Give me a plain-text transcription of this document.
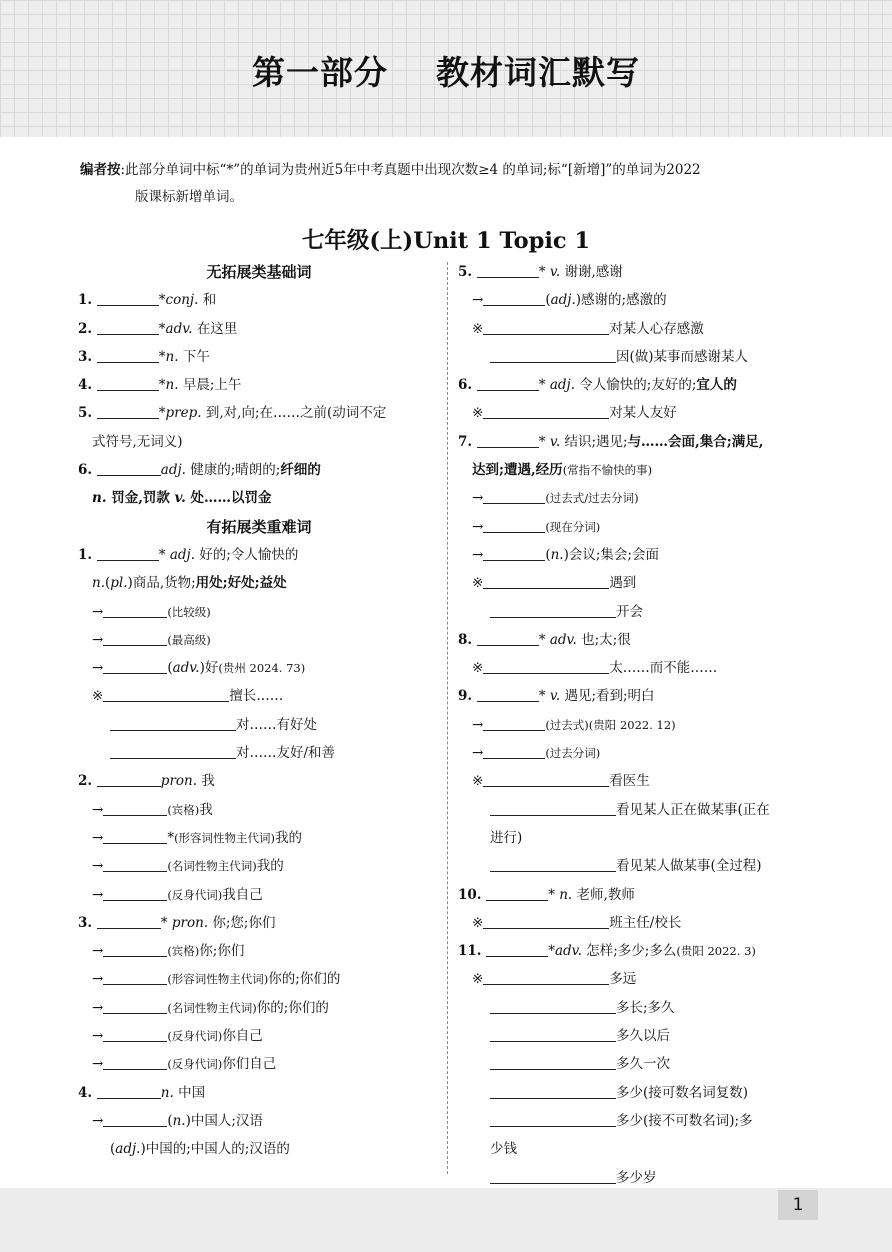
第一部分 教材词汇默写
编者按:此部分单词中标“*”的单词为贵州近5年中考真题中出现次数≥4 的单词;标“[新增]”的单词为2022
版课标新增单词。
七年级(上)Unit 1 Topic 1
无拓展类基础词
1.	*conj. 和
2.	*adv. 在这里
3.	*n. 下午
4.	*n. 早晨;上午
5.	*prep. 到,对,向;在……之前(动词不定
式符号,无词义)
6.	adj. 健康的;晴朗的;纤细的
n. 罚金,罚款 v. 处……以罚金
有拓展类重难词
1.	* adj. 好的;令人愉快的
n.(pl.)商品,货物;用处;好处;益处
→	(比较级)
→	(最高级)
→	(adv.)好(贵州 2024. 73)
※	擅长……
对……有好处
对……友好/和善
2.	pron. 我
→	(宾格)我
→	*(形容词性物主代词)我的
→	(名词性物主代词)我的
→	(反身代词)我自己
3.	* pron. 你;您;你们
→	(宾格)你;你们
→	(形容词性物主代词)你的;你们的
→	(名词性物主代词)你的;你们的
→	(反身代词)你自己
→	(反身代词)你们自己
4.	n. 中国
→	(n.)中国人;汉语
(adj.)中国的;中国人的;汉语的
5.	* v. 谢谢,感谢
→	(adj.)感谢的;感激的
※	对某人心存感激
因(做)某事而感谢某人
6.	* adj. 令人愉快的;友好的;宜人的
※	对某人友好
7.	* v. 结识;遇见;与……会面,集合;满足,
达到;遭遇,经历(常指不愉快的事)
→	(过去式/过去分词)
→	(现在分词)
→	(n.)会议;集会;会面
※	遇到
开会
8.	* adv. 也;太;很
※	太……而不能……
9.	* v. 遇见;看到;明白
→	(过去式)(贵阳 2022. 12)
→	(过去分词)
※	看医生
看见某人正在做某事(正在
进行)
看见某人做某事(全过程)
10.	* n. 老师,教师
※	班主任/校长
11.	*adv. 怎样;多少;多么(贵阳 2022. 3)
※	多远
多长;多久
多久以后
多久一次
多少(接可数名词复数)
多少(接不可数名词);多
少钱
多少岁
1
